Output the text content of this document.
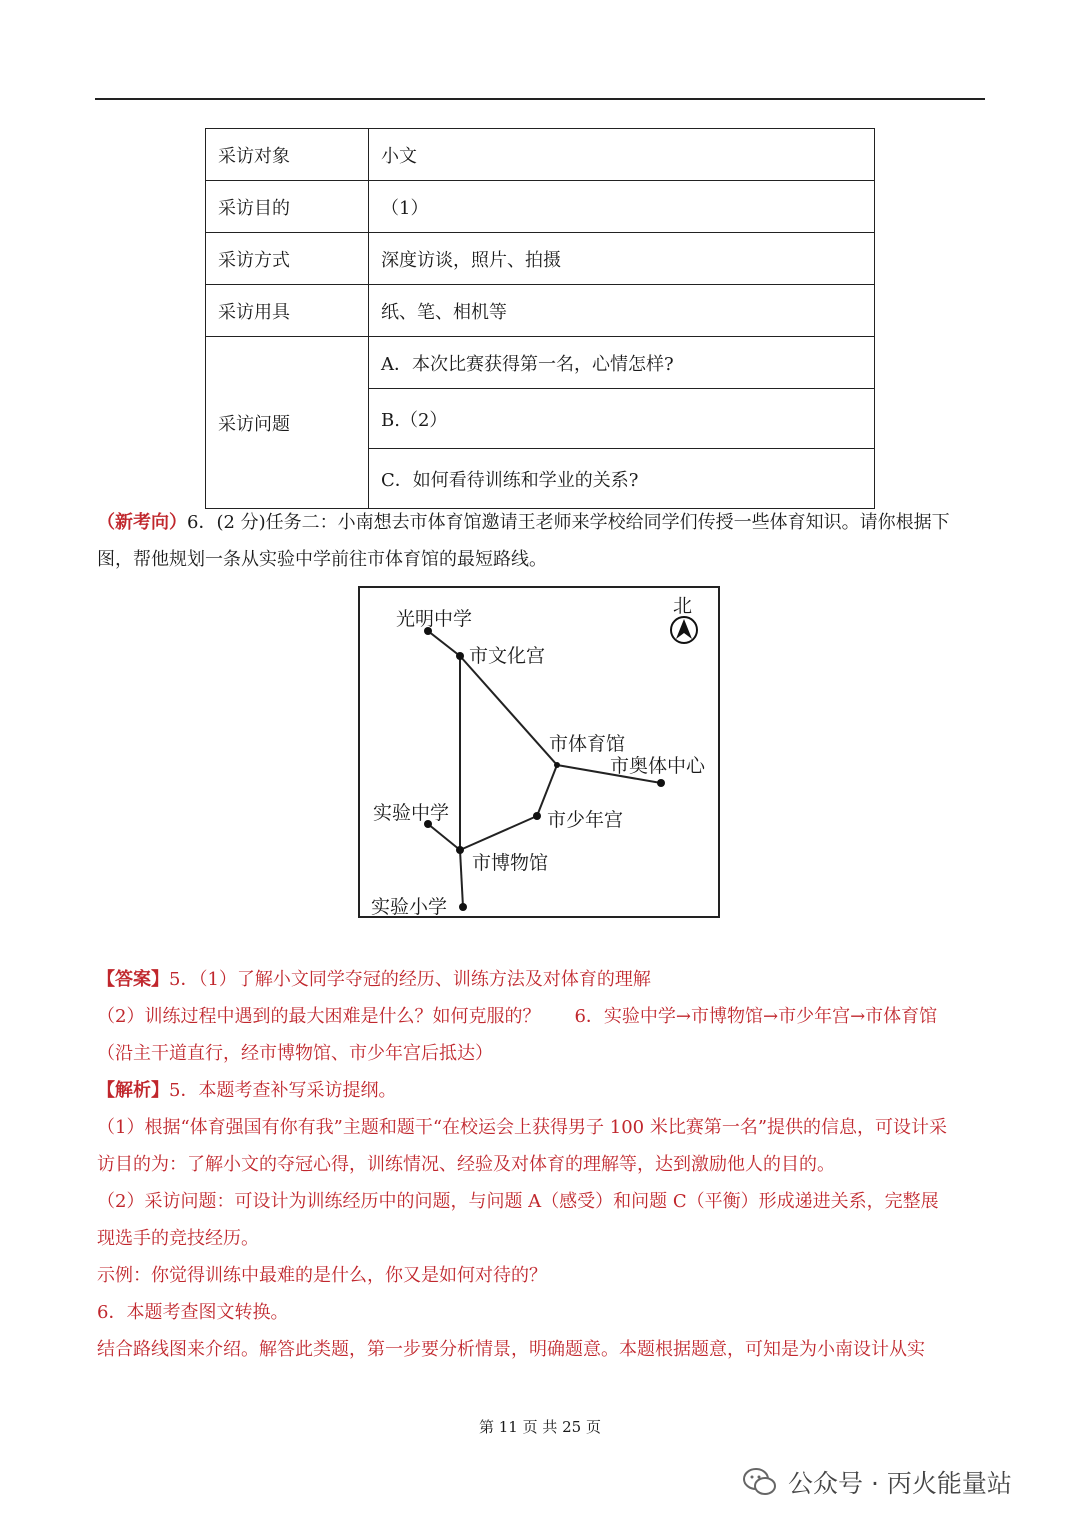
采访对象	小文
采访目的	（1）
采访方式	深度访谈，照片、拍摄
采访用具	纸、笔、相机等
采访问题	A．本次比赛获得第一名，心情怎样?
	B.（2）
	C．如何看待训练和学业的关系?
（新考向）6．(2 分)任务二：小南想去市体育馆邀请王老师来学校给同学们传授一些体育知识。请你根据下
图，帮他规划一条从实验中学前往市体育馆的最短路线。
北
光明中学
市文化宫
市体育馆
市奥体中心
实验中学	市少年宫
市博物馆
实验小学
【答案】5．（1）了解小文同学夺冠的经历、训练方法及对体育的理解
（2）训练过程中遇到的最大困难是什么？如何克服的？ 6．实验中学→市博物馆→市少年宫→市体育馆
（沿主干道直行，经市博物馆、市少年宫后抵达）
【解析】5．本题考查补写采访提纲。
（1）根据“体育强国有你有我”主题和题干“在校运会上获得男子 100 米比赛第一名”提供的信息，可设计采
访目的为：了解小文的夺冠心得，训练情况、经验及对体育的理解等，达到激励他人的目的。
（2）采访问题：可设计为训练经历中的问题，与问题 A（感受）和问题 C（平衡）形成递进关系，完整展
现选手的竞技经历。
示例：你觉得训练中最难的是什么，你又是如何对待的？
6．本题考查图文转换。
结合路线图来介绍。解答此类题，第一步要分析情景，明确题意。本题根据题意，可知是为小南设计从实
第 11 页 共 25 页
公众号 · 丙火能量站
